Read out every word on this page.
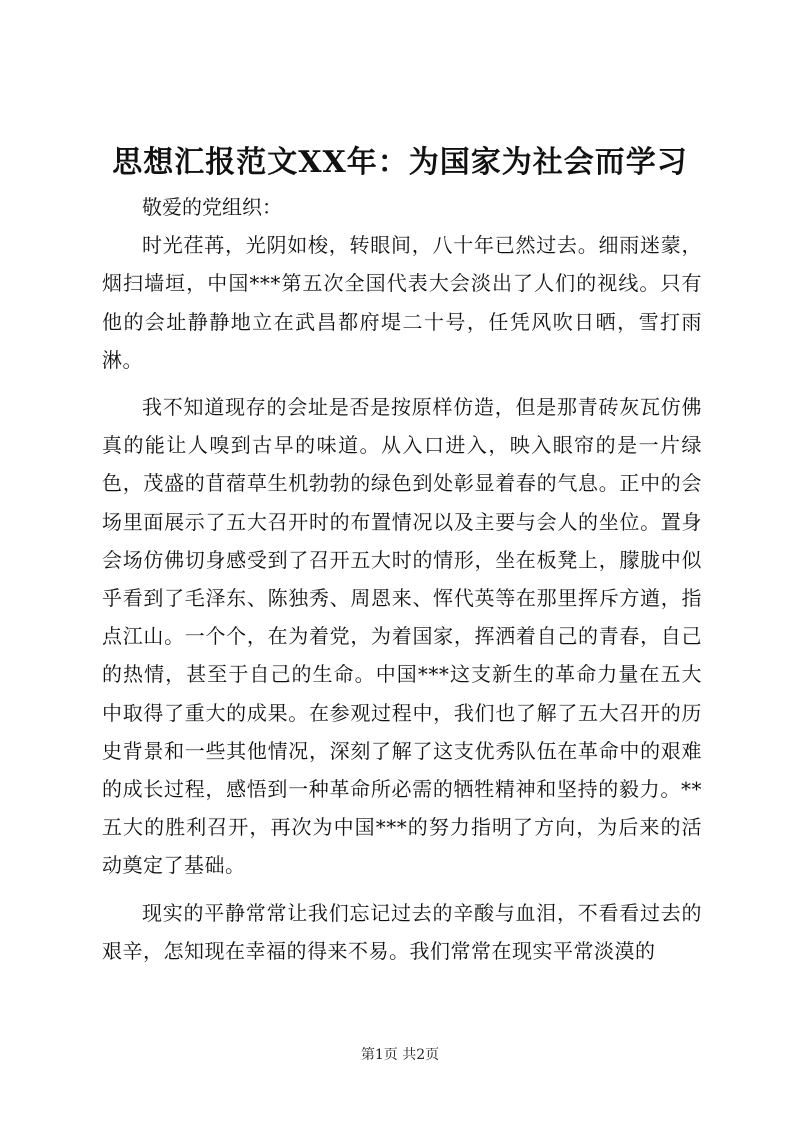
思想汇报范文XX年：为国家为社会而学习

敬爱的党组织：

时光荏苒，光阴如梭，转眼间，八十年已然过去。细雨迷蒙，烟扫墙垣，中国***第五次全国代表大会淡出了人们的视线。只有他的会址静静地立在武昌都府堤二十号，任凭风吹日晒，雪打雨淋。

我不知道现存的会址是否是按原样仿造，但是那青砖灰瓦仿佛真的能让人嗅到古早的味道。从入口进入，映入眼帘的是一片绿色，茂盛的苜蓿草生机勃勃的绿色到处彰显着春的气息。正中的会场里面展示了五大召开时的布置情况以及主要与会人的坐位。置身会场仿佛切身感受到了召开五大时的情形，坐在板凳上，朦胧中似乎看到了毛泽东、陈独秀、周恩来、恽代英等在那里挥斥方遒，指点江山。一个个，在为着党，为着国家，挥洒着自己的青春，自己的热情，甚至于自己的生命。中国***这支新生的革命力量在五大中取得了重大的成果。在参观过程中，我们也了解了五大召开的历史背景和一些其他情况，深刻了解了这支优秀队伍在革命中的艰难的成长过程，感悟到一种革命所必需的牺牲精神和坚持的毅力。**五大的胜利召开，再次为中国***的努力指明了方向，为后来的活动奠定了基础。

现实的平静常常让我们忘记过去的辛酸与血泪，不看看过去的艰辛，怎知现在幸福的得来不易。我们常常在现实平常淡漠的

第1页 共2页
